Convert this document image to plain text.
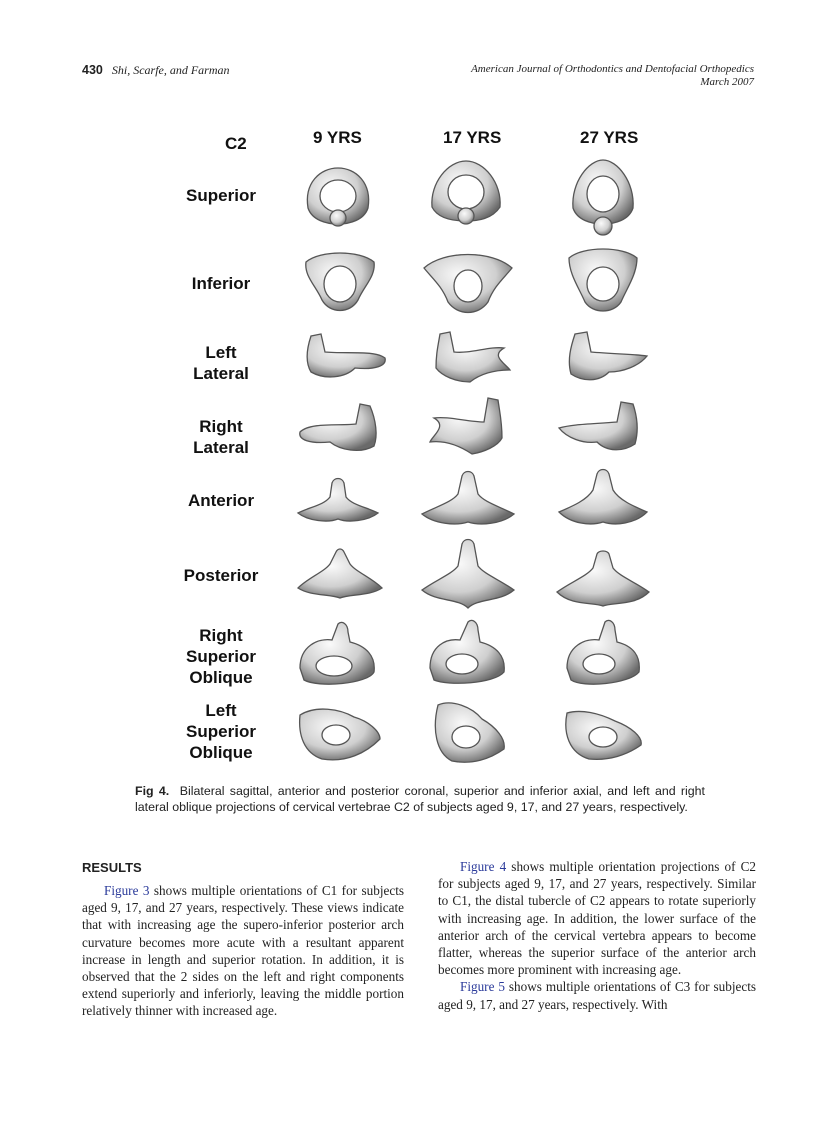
430 Shi, Scarfe, and Farman	American Journal of Orthodontics and Dentofacial Orthopedics
March 2007
C2	9 YRS	17 YRS	27 YRS
Superior
Inferior
Left
Lateral
Right
Lateral
Anterior
Posterior
Right
Superior
Oblique
Left
Superior
Oblique
Fig 4. Bilateral sagittal, anterior and posterior coronal, superior and inferior axial, and left and right lateral oblique projections of cervical vertebrae C2 of subjects aged 9, 17, and 27 years, respectively.
RESULTS

Figure 3 shows multiple orientations of C1 for subjects aged 9, 17, and 27 years, respectively. These views indicate that with increasing age the supero-inferior posterior arch curvature becomes more acute with a resultant apparent increase in length and superior rotation. In addition, it is observed that the 2 sides on the left and right components extend superiorly and inferiorly, leaving the middle portion relatively thinner with increased age.

Figure 4 shows multiple orientation projections of C2 for subjects aged 9, 17, and 27 years, respectively. Similar to C1, the distal tubercle of C2 appears to rotate superiorly with increasing age. In addition, the lower surface of the anterior arch of the cervical vertebra appears to become flatter, whereas the superior surface of the anterior arch becomes more prominent with increasing age.

Figure 5 shows multiple orientations of C3 for subjects aged 9, 17, and 27 years, respectively. With
